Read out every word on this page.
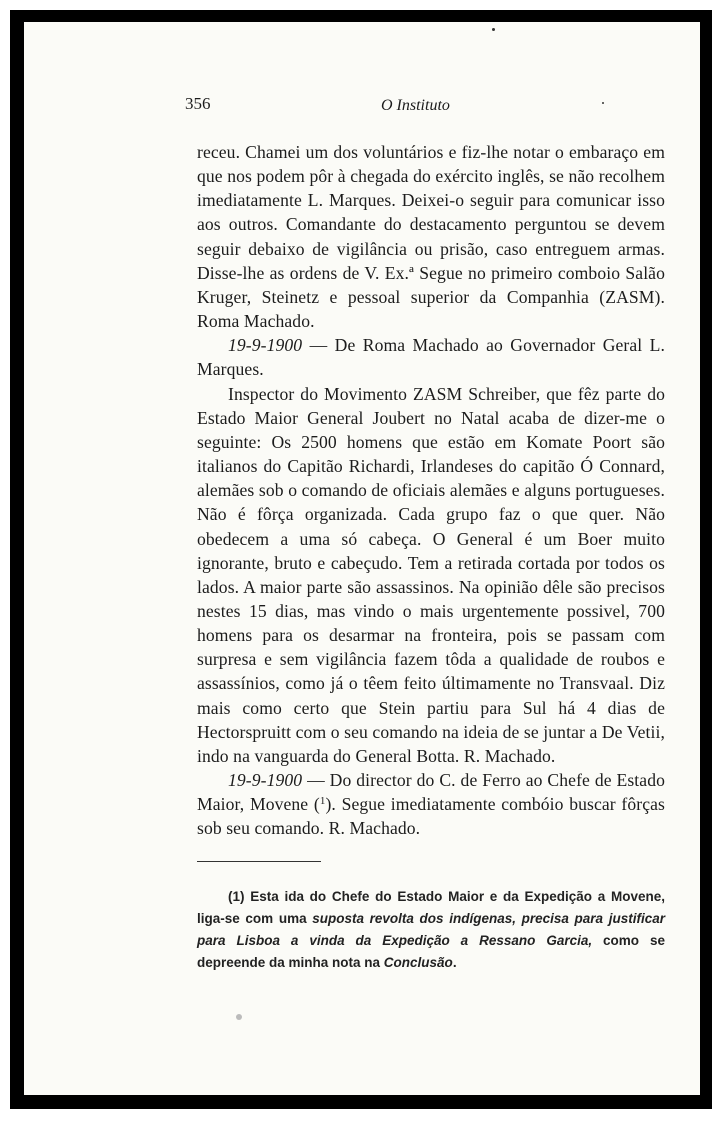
356	O Instituto

receu. Chamei um dos voluntários e fiz-lhe notar o embaraço em que nos podem pôr à chegada do exército inglês, se não recolhem imediatamente L. Marques. Deixei-o seguir para comunicar isso aos outros. Comandante do destacamento perguntou se devem seguir debaixo de vigilância ou prisão, caso entreguem armas. Disse-lhe as ordens de V. Ex.ª Segue no primeiro comboio Salão Kruger, Steinetz e pessoal superior da Companhia (ZASM). Roma Machado.

19-9-1900 — De Roma Machado ao Governador Geral L. Marques.

Inspector do Movimento ZASM Schreiber, que fêz parte do Estado Maior General Joubert no Natal acaba de dizer-me o seguinte: Os 2500 homens que estão em Komate Poort são italianos do Capitão Richardi, Irlandeses do capitão Ó Connard, alemães sob o comando de oficiais alemães e alguns portugueses. Não é fôrça organizada. Cada grupo faz o que quer. Não obedecem a uma só cabeça. O General é um Boer muito ignorante, bruto e cabeçudo. Tem a retirada cortada por todos os lados. A maior parte são assassinos. Na opinião dêle são precisos nestes 15 dias, mas vindo o mais urgentemente possivel, 700 homens para os desarmar na fronteira, pois se passam com surpresa e sem vigilância fazem tôda a qualidade de roubos e assassínios, como já o têem feito últimamente no Transvaal. Diz mais como certo que Stein partiu para Sul há 4 dias de Hectorspruitt com o seu comando na ideia de se juntar a De Vetii, indo na vanguarda do General Botta. R. Machado.

19-9-1900 — Do director do C. de Ferro ao Chefe de Estado Maior, Movene ($^1$). Segue imediatamente combóio buscar fôrças sob seu comando. R. Machado.

(1) Esta ida do Chefe do Estado Maior e da Expedição a Movene, liga-se com uma suposta revolta dos indígenas, precisa para justificar para Lisboa a vinda da Expedição a Ressano Garcia, como se depreende da minha nota na Conclusão.
